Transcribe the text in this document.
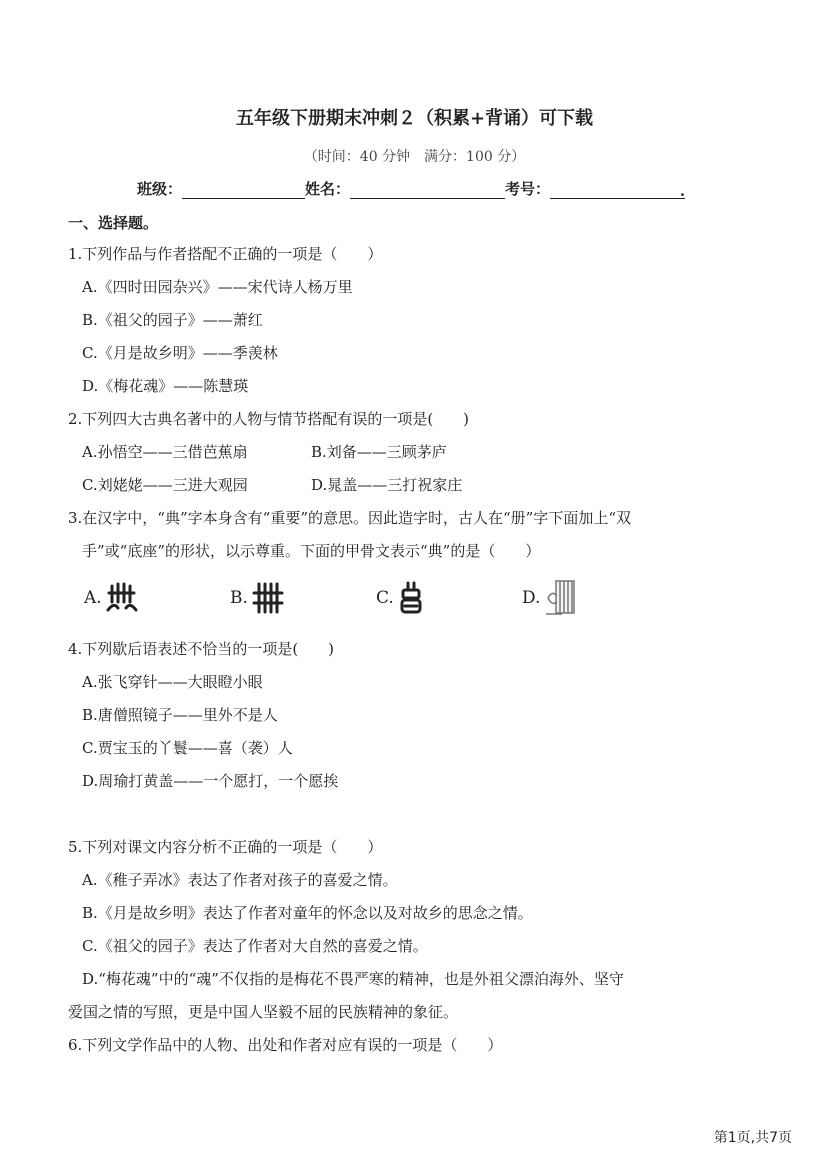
五年级下册期末冲刺２（积累+背诵）可下载
（时间：40 分钟　满分：100 分）
班级：	姓名：	考号：	.
一、选择题。
1.下列作品与作者搭配不正确的一项是（　　）
A.《四时田园杂兴》——宋代诗人杨万里
B.《祖父的园子》——萧红
C.《月是故乡明》——季羡林
D.《梅花魂》——陈慧瑛
2.下列四大古典名著中的人物与情节搭配有误的一项是(　　)
A.孙悟空——三借芭蕉扇	B.刘备——三顾茅庐
C.刘姥姥——三进大观园	D.晁盖——三打祝家庄
3.在汉字中，“典”字本身含有“重要”的意思。因此造字时，古人在“册”字下面加上“双
手”或“底座”的形状，以示尊重。下面的甲骨文表示“典”的是（　　）
A.	B.	C.	D.
4.下列歇后语表述不恰当的一项是(　　)
A.张飞穿针——大眼瞪小眼
B.唐僧照镜子——里外不是人
C.贾宝玉的丫鬟——喜（袭）人
D.周瑜打黄盖——一个愿打，一个愿挨
5.下列对课文内容分析不正确的一项是（　　）
A.《稚子弄冰》表达了作者对孩子的喜爱之情。
B.《月是故乡明》表达了作者对童年的怀念以及对故乡的思念之情。
C.《祖父的园子》表达了作者对大自然的喜爱之情。
D.“梅花魂”中的“魂”不仅指的是梅花不畏严寒的精神，也是外祖父漂泊海外、坚守
爱国之情的写照，更是中国人坚毅不屈的民族精神的象征。
6.下列文学作品中的人物、出处和作者对应有误的一项是（　　）
第1页,共7页
